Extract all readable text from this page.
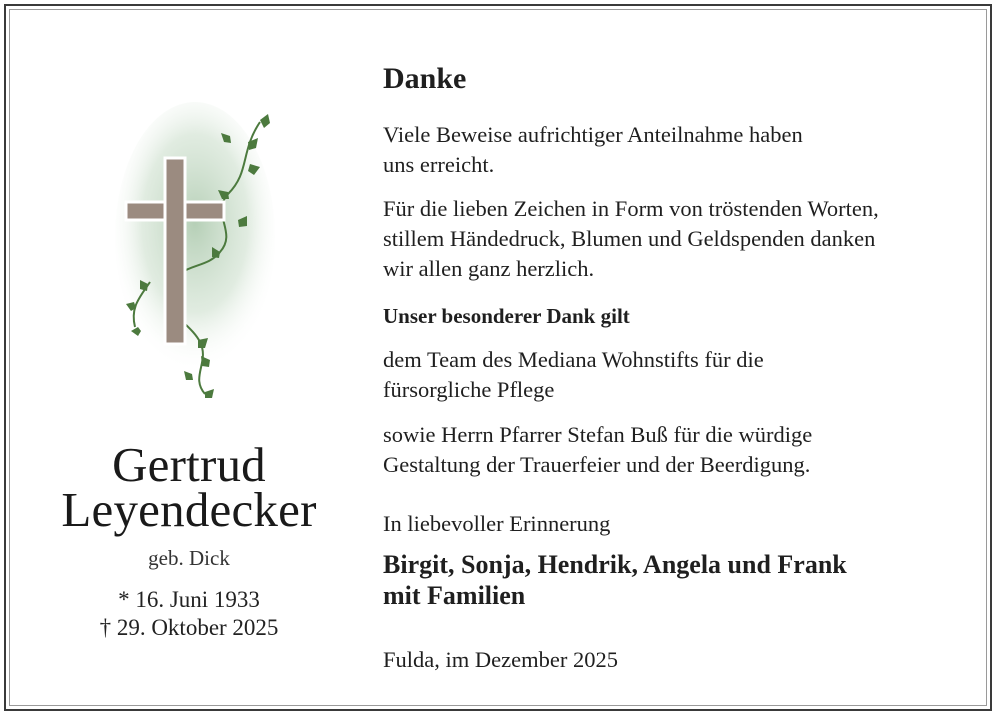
Gertrud
Leyendecker
geb. Dick
* 16. Juni 1933
† 29. Oktober 2025
Danke
Viele Beweise aufrichtiger Anteilnahme haben uns erreicht.
Für die lieben Zeichen in Form von tröstenden Worten, stillem Händedruck, Blumen und Geldspenden danken wir allen ganz herzlich.
Unser besonderer Dank gilt
dem Team des Mediana Wohnstifts für die fürsorgliche Pflege
sowie Herrn Pfarrer Stefan Buß für die würdige Gestaltung der Trauerfeier und der Beerdigung.
In liebevoller Erinnerung
Birgit, Sonja, Hendrik, Angela und Frank
mit Familien
Fulda, im Dezember 2025
